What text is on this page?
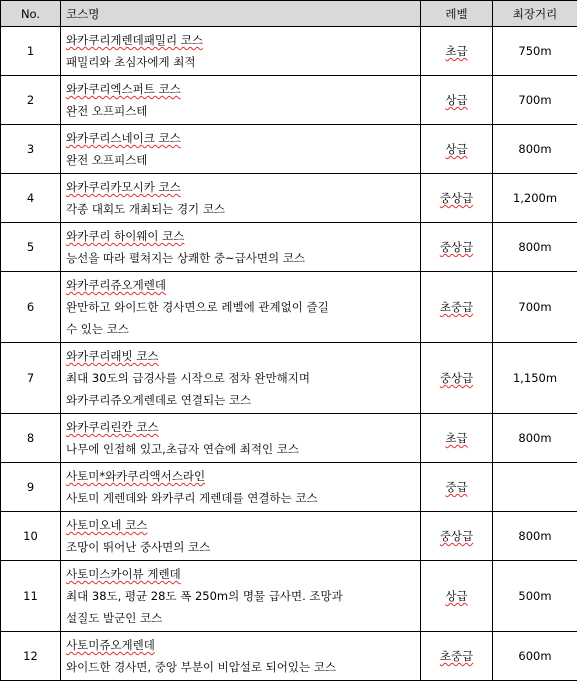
No.	코스명	레벨	최장거리
1	와카쿠리게렌데패밀리 코스
패밀리와 초심자에게 최적	초급	750m
2	와카쿠리엑스퍼트 코스
완전 오프피스테	상급	700m
3	와카쿠리스네이크 코스
완전 오프피스테	상급	800m
4	와카쿠리카모시카 코스
각종 대회도 개최되는 경기 코스	중상급	1,200m
5	와카쿠리 하이웨이 코스
능선을 따라 펼쳐지는 상쾌한 중~급사면의 코스	중상급	800m
6	와카쿠리쥬오게렌데
완만하고 와이드한 경사면으로 레벨에 관계없이 즐길
수 있는 코스	초중급	700m
7	와카쿠리래빗 코스
최대 30도의 급경사를 시작으로 점차 완만해지며
와카쿠리쥬오게렌데로 연결되는 코스	중상급	1,150m
8	와카쿠리린칸 코스
나무에 인접해 있고,초급자 연습에 최적인 코스	초급	800m
9	사토미*와카쿠리액서스라인
사토미 게렌데와 와카쿠리 게렌데를 연결하는 코스	중급	
10	사토미오네 코스
조망이 뛰어난 중사면의 코스	중상급	800m
11	사토미스카이뷰 게렌데
최대 38도, 평균 28도 폭 250m의 명물 급사면. 조망과
설질도 발군인 코스	상급	500m
12	사토미쥬오게렌데
와이드한 경사면, 중앙 부분이 비압설로 되어있는 코스	초중급	600m
